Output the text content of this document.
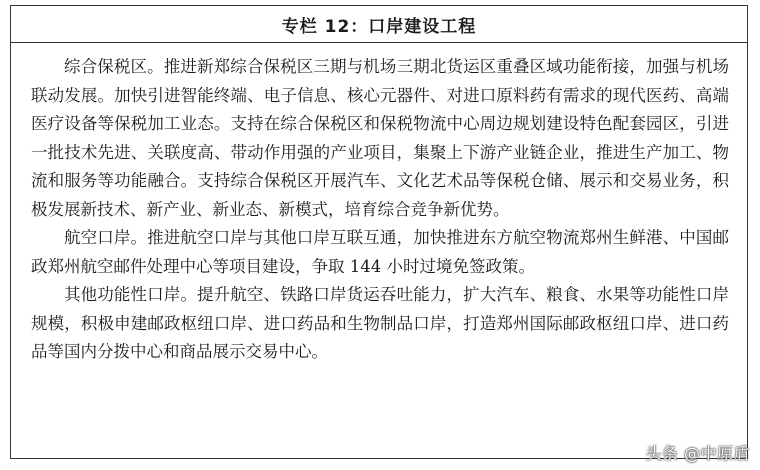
专栏 12：口岸建设工程

综合保税区。推进新郑综合保税区三期与机场三期北货运区重叠区域功能衔接，加强与机场联动发展。加快引进智能终端、电子信息、核心元器件、对进口原料药有需求的现代医药、高端医疗设备等保税加工业态。支持在综合保税区和保税物流中心周边规划建设特色配套园区，引进一批技术先进、关联度高、带动作用强的产业项目，集聚上下游产业链企业，推进生产加工、物流和服务等功能融合。支持综合保税区开展汽车、文化艺术品等保税仓储、展示和交易业务，积极发展新技术、新产业、新业态、新模式，培育综合竞争新优势。

航空口岸。推进航空口岸与其他口岸互联互通，加快推进东方航空物流郑州生鲜港、中国邮政郑州航空邮件处理中心等项目建设，争取 144 小时过境免签政策。

其他功能性口岸。提升航空、铁路口岸货运吞吐能力，扩大汽车、粮食、水果等功能性口岸规模，积极申建邮政枢纽口岸、进口药品和生物制品口岸，打造郑州国际邮政枢纽口岸、进口药品等国内分拨中心和商品展示交易中心。

头条 @中原盾
